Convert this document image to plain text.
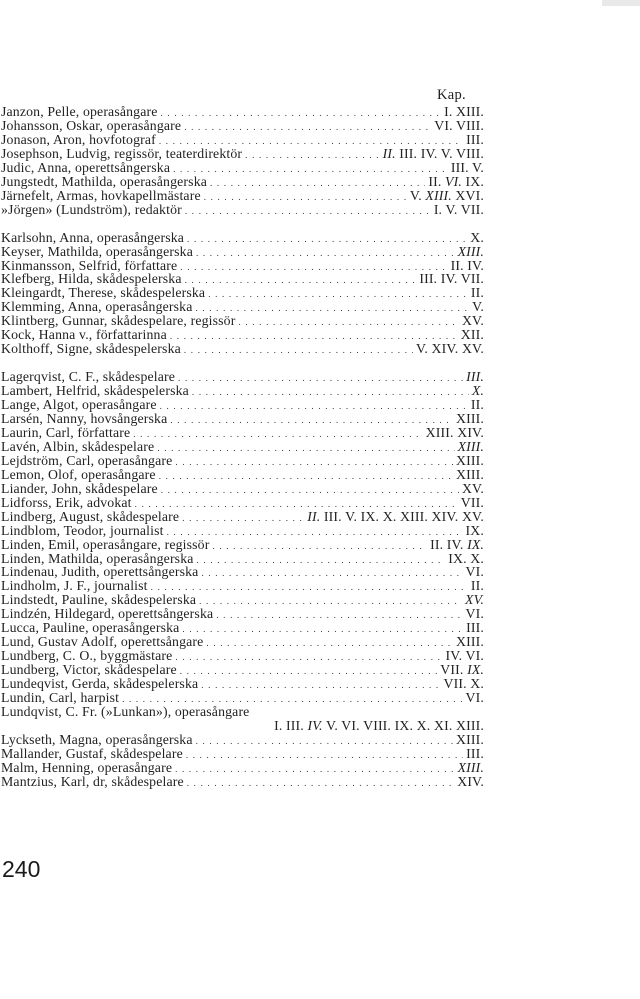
Kap.
Janzon, Pelle, operasångare . . .	I. XIII.
Johansson, Oskar, operasångare . . .	VI. VIII.
Jonason, Aron, hovfotograf . . .	III.
Josephson, Ludvig, regissör, teaterdirektör . . .	II. III. IV. V. VIII.
Judic, Anna, operettsångerska . . .	III. V.
Jungstedt, Mathilda, operasångerska . . .	II. VI. IX.
Järnefelt, Armas, hovkapellmästare . . .	V. XIII. XVI.
»Jörgen» (Lundström), redaktör . . .	I. V. VII.
Karlsohn, Anna, operasångerska . . .	X.
Keyser, Mathilda, operasångerska . . .	XIII.
Kinmansson, Selfrid, författare . . .	II. IV.
Klefberg, Hilda, skådespelerska . . .	III. IV. VII.
Kleingardt, Therese, skådespelerska . . .	II.
Klemming, Anna, operasångerska . . .	V.
Klintberg, Gunnar, skådespelare, regissör . . .	XV.
Kock, Hanna v., författarinna . . .	XII.
Kolthoff, Signe, skådespelerska . . .	V. XIV. XV.
Lagerqvist, C. F., skådespelare . . .	III.
Lambert, Helfrid, skådespelerska . . .	X.
Lange, Algot, operasångare . . .	II.
Larsén, Nanny, hovsångerska . . .	XIII.
Laurin, Carl, författare . . .	XIII. XIV.
Lavén, Albin, skådespelare . . .	XIII.
Lejdström, Carl, operasångare . . .	XIII.
Lemon, Olof, operasångare . . .	XIII.
Liander, John, skådespelare . . .	XV.
Lidforss, Erik, advokat . . .	VII.
Lindberg, August, skådespelare . . .	II. III. V. IX. X. XIII. XIV. XV.
Lindblom, Teodor, journalist . . .	IX.
Linden, Emil, operasångare, regissör . . .	II. IV. IX.
Linden, Mathilda, operasångerska . . .	IX. X.
Lindenau, Judith, operettsångerska . . .	VI.
Lindholm, J. F., journalist . . .	II.
Lindstedt, Pauline, skådespelerska . . .	XV.
Lindzén, Hildegard, operettsångerska . . .	VI.
Lucca, Pauline, operasångerska . . .	III.
Lund, Gustav Adolf, operettsångare . . .	XIII.
Lundberg, C. O., byggmästare . . .	IV. VI.
Lundberg, Victor, skådespelare . . .	VII. IX.
Lundeqvist, Gerda, skådespelerska . . .	VII. X.
Lundin, Carl, harpist . . .	VI.
Lundqvist, C. Fr. (»Lunkan»), operasångare
I. III. IV. V. VI. VIII. IX. X. XI. XIII.
Lyckseth, Magna, operasångerska . . .	XIII.
Mallander, Gustaf, skådespelare . . .	III.
Malm, Henning, operasångare . . .	XIII.
Mantzius, Karl, dr, skådespelare . . .	XIV.
240
